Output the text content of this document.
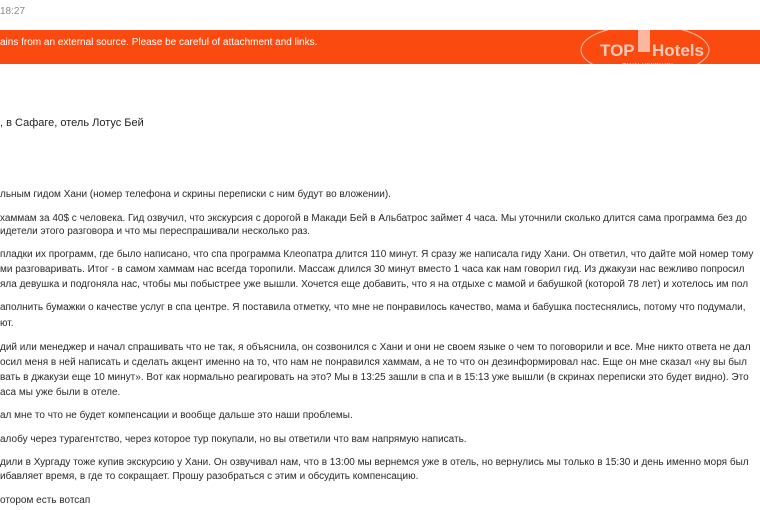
18:27
ains from an external source. Please be careful of attachment and links.	TOP Hotels
ФОТО ТУРИСТОВ
, в Сафаге, отель Лотус Бей
льным гидом Хани (номер телефона и скрины переписки с ним будут во вложении).
хаммам за 40$ с человека. Гид озвучил, что экскурсия с дорогой в Макади Бей в Альбатрос займет 4 часа. Мы уточнили сколько длится сама программа без до
идетели этого разговора и что мы переспрашивали несколько раз.
пладки их программ, где было написано, что спа программа Клеопатра длится 110 минут. Я сразу же написала гиду Хани. Он ответил, что дайте мой номер тому
ми разговаривать. Итог - в самом хаммам нас всегда торопили. Массаж длился 30 минут вместо 1 часа как нам говорил гид. Из джакузи нас вежливо попросил
яла девушка и подгоняла нас, чтобы мы побыстрее уже вышли. Хочется еще добавить, что я на отдыхе с мамой и бабушкой (которой 78 лет) и хотелось им пол
аполнить бумажки о качестве услуг в спа центре. Я поставила отметку, что мне не понравилось качество, мама и бабушка постеснялись, потому что подумали,
ют.
дий или менеджер и начал спрашивать что не так, я объяснила, он созвонился с Хани и они не своем языке о чем то поговорили и все. Мне никто ответа не дал
осил меня в ней написать и сделать акцент именно на то, что нам не понравился хаммам, а не то что он дезинформировал нас. Еще он мне сказал «ну вы был
вать в джакузи еще 10 минут». Вот как нормально реагировать на это? Мы в 13:25 зашли в спа и в 15:13 уже вышли (в скринах переписки это будет видно). Это
аса мы уже были в отеле.
ал мне то что не будет компенсации и вообще дальше это наши проблемы.
алобу через турагентство, через которое тур покупали, но вы ответили что вам напрямую написать.
дили в Хургаду тоже купив экскурсию у Хани. Он озвучивал нам, что в 13:00 мы вернемся уже в отель, но вернулись мы только в 15:30 и день именно моря был
ибавляет время, в где то сокращает. Прошу разобраться с этим и обсудить компенсацию.
отором есть вотсап
